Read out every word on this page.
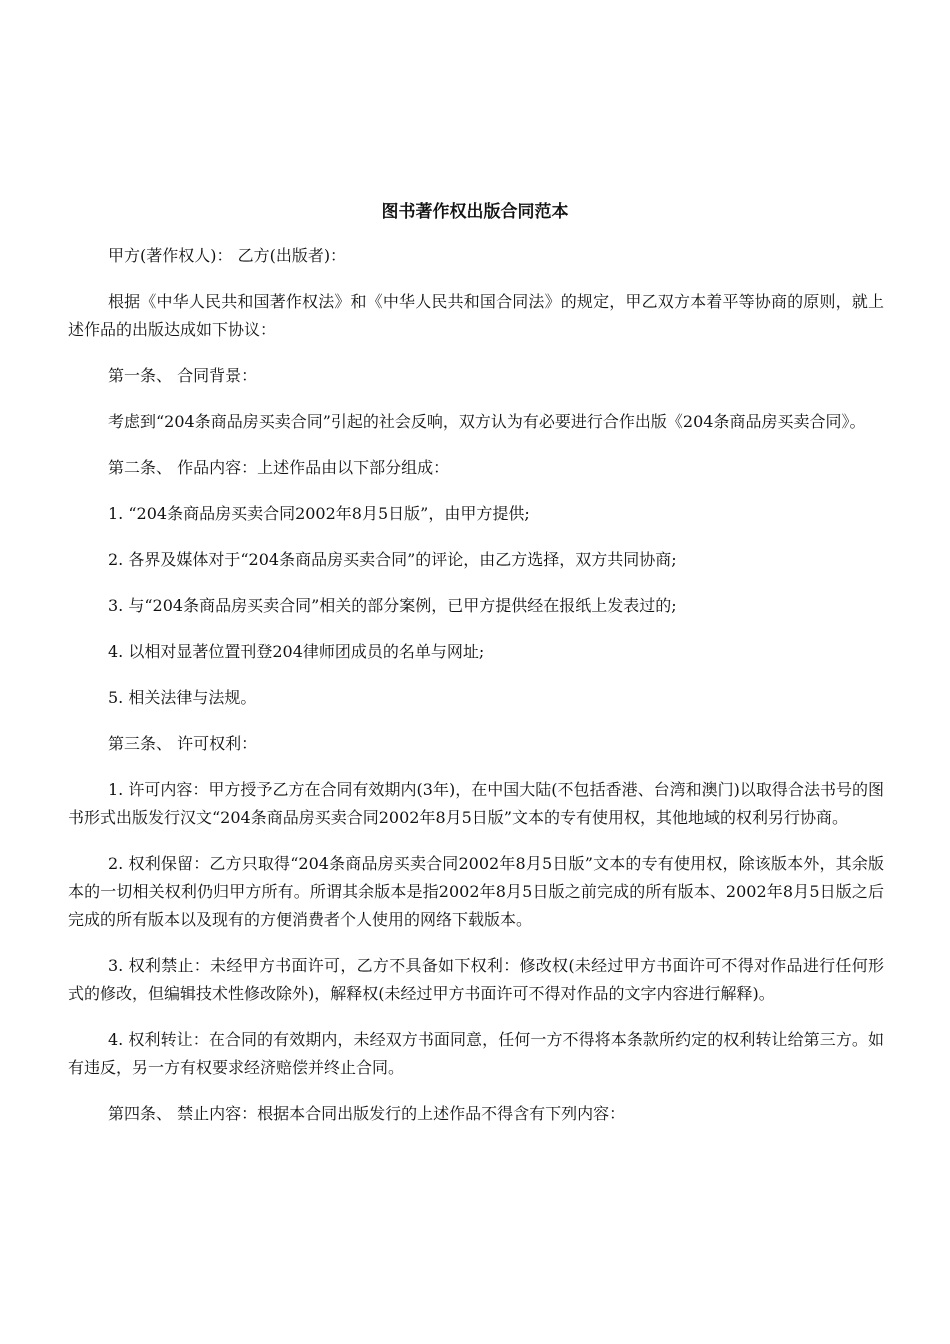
图书著作权出版合同范本

甲方(著作权人)： 乙方(出版者)：

根据《中华人民共和国著作权法》和《中华人民共和国合同法》的规定，甲乙双方本着平等协商的原则，就上述作品的出版达成如下协议：

第一条、 合同背景：

考虑到“204条商品房买卖合同”引起的社会反响，双方认为有必要进行合作出版《204条商品房买卖合同》。

第二条、 作品内容：上述作品由以下部分组成：

1. “204条商品房买卖合同2002年8月5日版”，由甲方提供;

2. 各界及媒体对于“204条商品房买卖合同”的评论，由乙方选择，双方共同协商;

3. 与“204条商品房买卖合同”相关的部分案例，已甲方提供经在报纸上发表过的;

4. 以相对显著位置刊登204律师团成员的名单与网址;

5. 相关法律与法规。

第三条、 许可权利：

1. 许可内容：甲方授予乙方在合同有效期内(3年)，在中国大陆(不包括香港、台湾和澳门)以取得合法书号的图书形式出版发行汉文“204条商品房买卖合同2002年8月5日版”文本的专有使用权，其他地域的权利另行协商。

2. 权利保留：乙方只取得“204条商品房买卖合同2002年8月5日版”文本的专有使用权，除该版本外，其余版本的一切相关权利仍归甲方所有。所谓其余版本是指2002年8月5日版之前完成的所有版本、2002年8月5日版之后完成的所有版本以及现有的方便消费者个人使用的网络下载版本。

3. 权利禁止：未经甲方书面许可，乙方不具备如下权利：修改权(未经过甲方书面许可不得对作品进行任何形式的修改，但编辑技术性修改除外)，解释权(未经过甲方书面许可不得对作品的文字内容进行解释)。

4. 权利转让：在合同的有效期内，未经双方书面同意，任何一方不得将本条款所约定的权利转让给第三方。如有违反，另一方有权要求经济赔偿并终止合同。

第四条、 禁止内容：根据本合同出版发行的上述作品不得含有下列内容：
